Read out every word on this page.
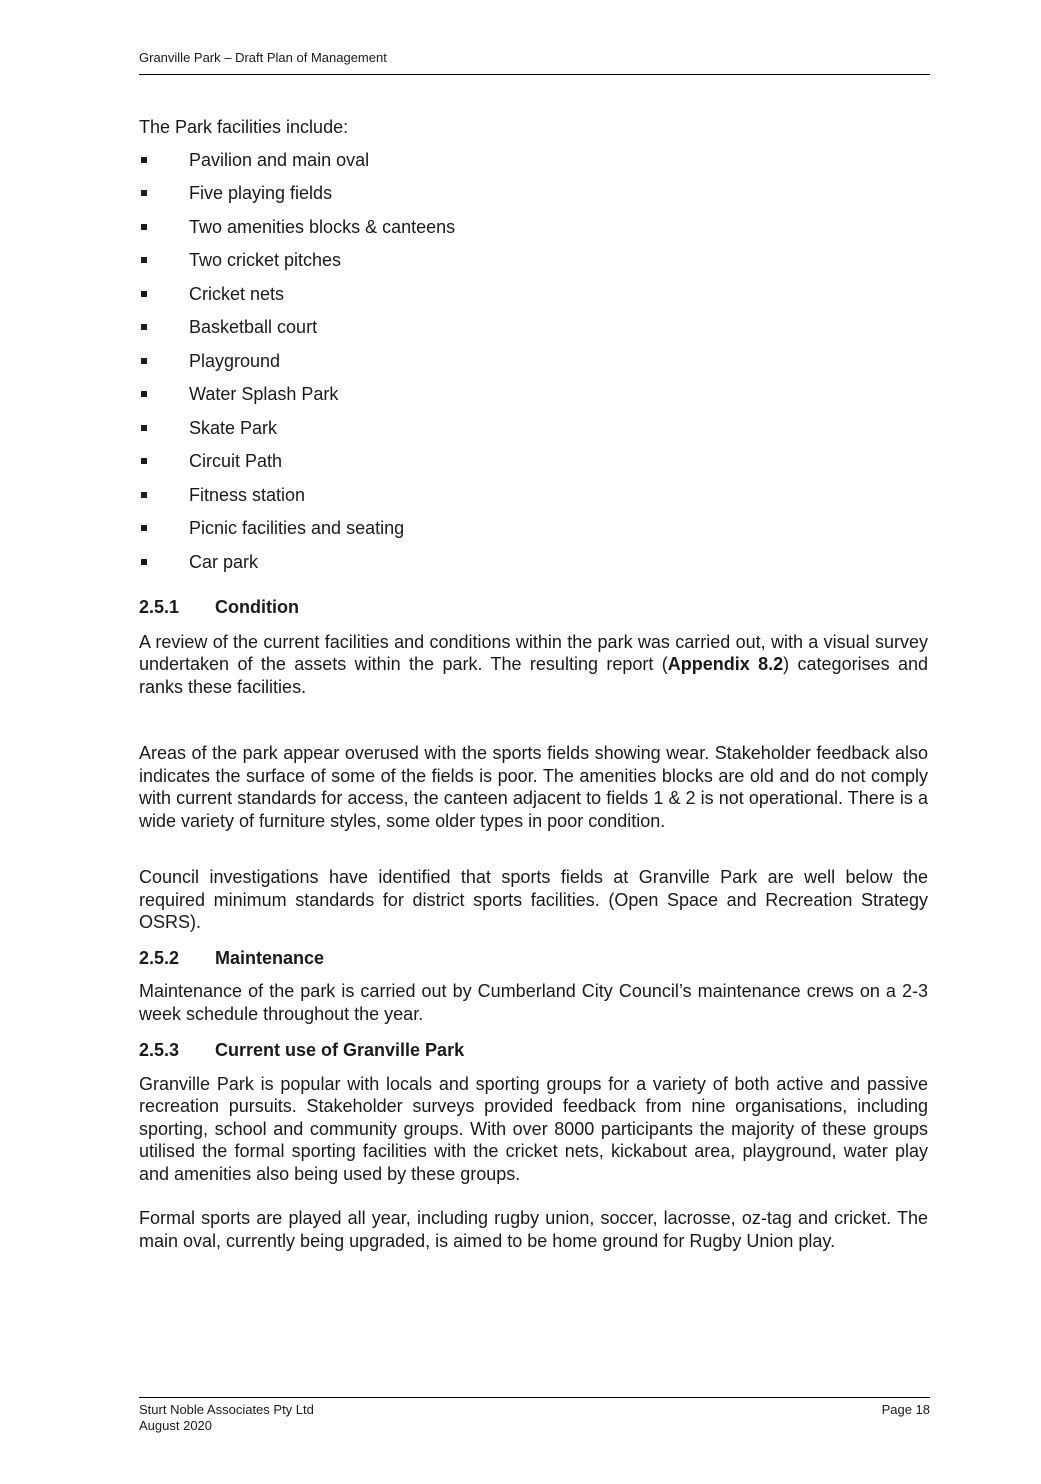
Granville Park – Draft Plan of Management

The Park facilities include:

Pavilion and main oval
Five playing fields
Two amenities blocks & canteens
Two cricket pitches
Cricket nets
Basketball court
Playground
Water Splash Park
Skate Park
Circuit Path
Fitness station
Picnic facilities and seating
Car park
2.5.1	Condition

A review of the current facilities and conditions within the park was carried out, with a visual survey undertaken of the assets within the park. The resulting report (Appendix 8.2) categorises and ranks these facilities.

Areas of the park appear overused with the sports fields showing wear. Stakeholder feedback also indicates the surface of some of the fields is poor. The amenities blocks are old and do not comply with current standards for access, the canteen adjacent to fields 1 & 2 is not operational. There is a wide variety of furniture styles, some older types in poor condition.

Council investigations have identified that sports fields at Granville Park are well below the required minimum standards for district sports facilities. (Open Space and Recreation Strategy OSRS).

2.5.2	Maintenance

Maintenance of the park is carried out by Cumberland City Council’s maintenance crews on a 2-3 week schedule throughout the year.

2.5.3	Current use of Granville Park

Granville Park is popular with locals and sporting groups for a variety of both active and passive recreation pursuits. Stakeholder surveys provided feedback from nine organisations, including sporting, school and community groups. With over 8000 participants the majority of these groups utilised the formal sporting facilities with the cricket nets, kickabout area, playground, water play and amenities also being used by these groups.

Formal sports are played all year, including rugby union, soccer, lacrosse, oz-tag and cricket. The main oval, currently being upgraded, is aimed to be home ground for Rugby Union play.

Sturt Noble Associates Pty Ltd
August 2020
Page 18
